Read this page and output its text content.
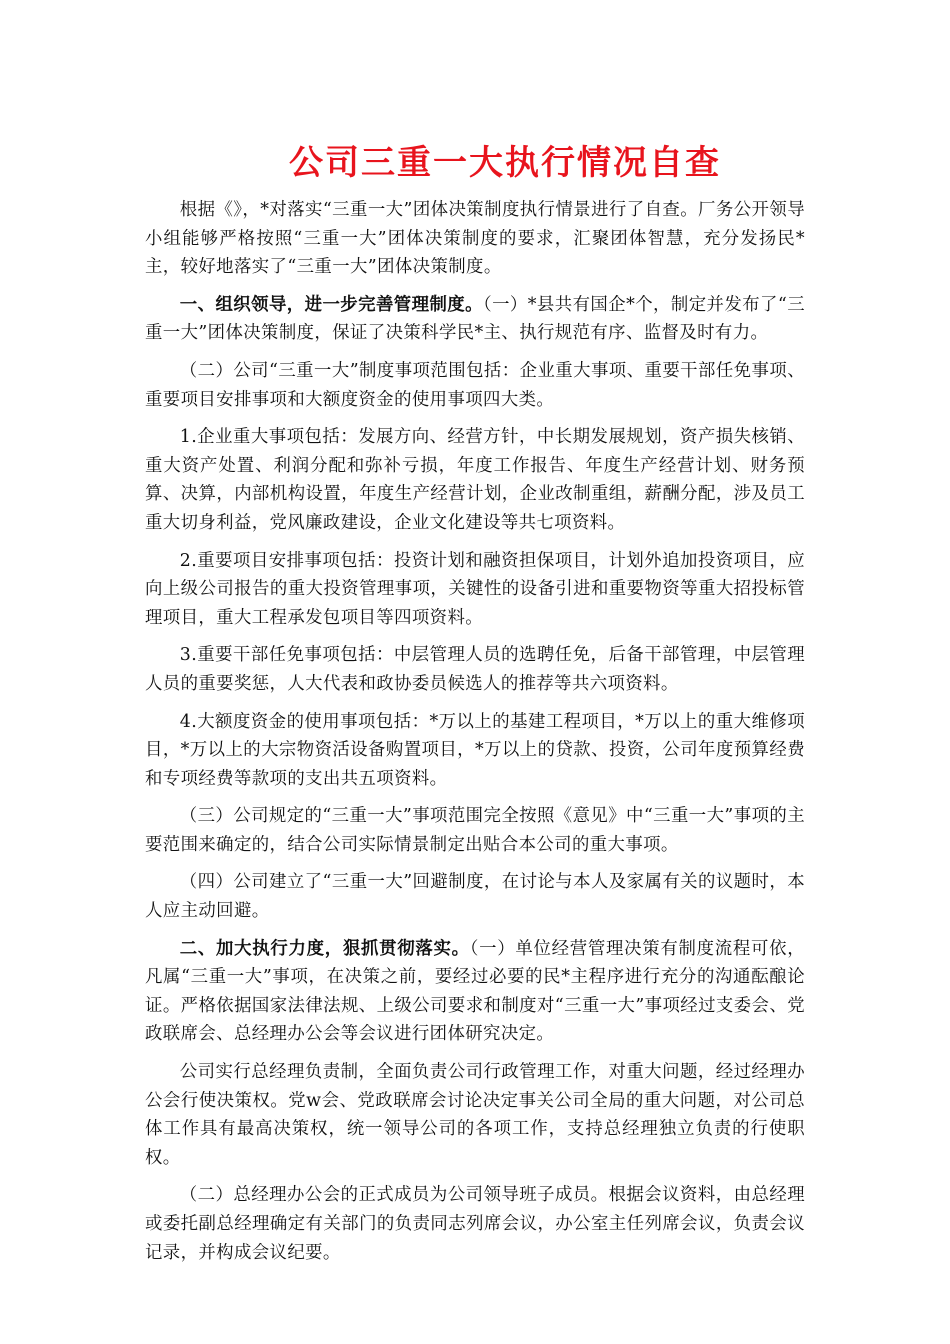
公司三重一大执行情况自查

根据《》，*对落实“三重一大”团体决策制度执行情景进行了自查。厂务公开领导小组能够严格按照“三重一大”团体决策制度的要求，汇聚团体智慧，充分发扬民*主，较好地落实了“三重一大”团体决策制度。

一、组织领导，进一步完善管理制度。（一）*县共有国企*个，制定并发布了“三重一大”团体决策制度，保证了决策科学民*主、执行规范有序、监督及时有力。

（二）公司“三重一大”制度事项范围包括：企业重大事项、重要干部任免事项、重要项目安排事项和大额度资金的使用事项四大类。

1.企业重大事项包括：发展方向、经营方针，中长期发展规划，资产损失核销、重大资产处置、利润分配和弥补亏损，年度工作报告、年度生产经营计划、财务预算、决算，内部机构设置，年度生产经营计划，企业改制重组，薪酬分配，涉及员工重大切身利益，党风廉政建设，企业文化建设等共七项资料。

2.重要项目安排事项包括：投资计划和融资担保项目，计划外追加投资项目，应向上级公司报告的重大投资管理事项，关键性的设备引进和重要物资等重大招投标管理项目，重大工程承发包项目等四项资料。

3.重要干部任免事项包括：中层管理人员的选聘任免，后备干部管理，中层管理人员的重要奖惩，人大代表和政协委员候选人的推荐等共六项资料。

4.大额度资金的使用事项包括：*万以上的基建工程项目，*万以上的重大维修项目，*万以上的大宗物资活设备购置项目，*万以上的贷款、投资，公司年度预算经费和专项经费等款项的支出共五项资料。

（三）公司规定的“三重一大”事项范围完全按照《意见》中“三重一大”事项的主要范围来确定的，结合公司实际情景制定出贴合本公司的重大事项。

（四）公司建立了“三重一大”回避制度，在讨论与本人及家属有关的议题时，本人应主动回避。

二、加大执行力度，狠抓贯彻落实。（一）单位经营管理决策有制度流程可依，凡属“三重一大”事项，在决策之前，要经过必要的民*主程序进行充分的沟通酝酿论证。严格依据国家法律法规、上级公司要求和制度对“三重一大”事项经过支委会、党政联席会、总经理办公会等会议进行团体研究决定。

公司实行总经理负责制，全面负责公司行政管理工作，对重大问题，经过经理办公会行使决策权。党w会、党政联席会讨论决定事关公司全局的重大问题，对公司总体工作具有最高决策权，统一领导公司的各项工作，支持总经理独立负责的行使职权。

（二）总经理办公会的正式成员为公司领导班子成员。根据会议资料，由总经理或委托副总经理确定有关部门的负责同志列席会议，办公室主任列席会议，负责会议记录，并构成会议纪要。
